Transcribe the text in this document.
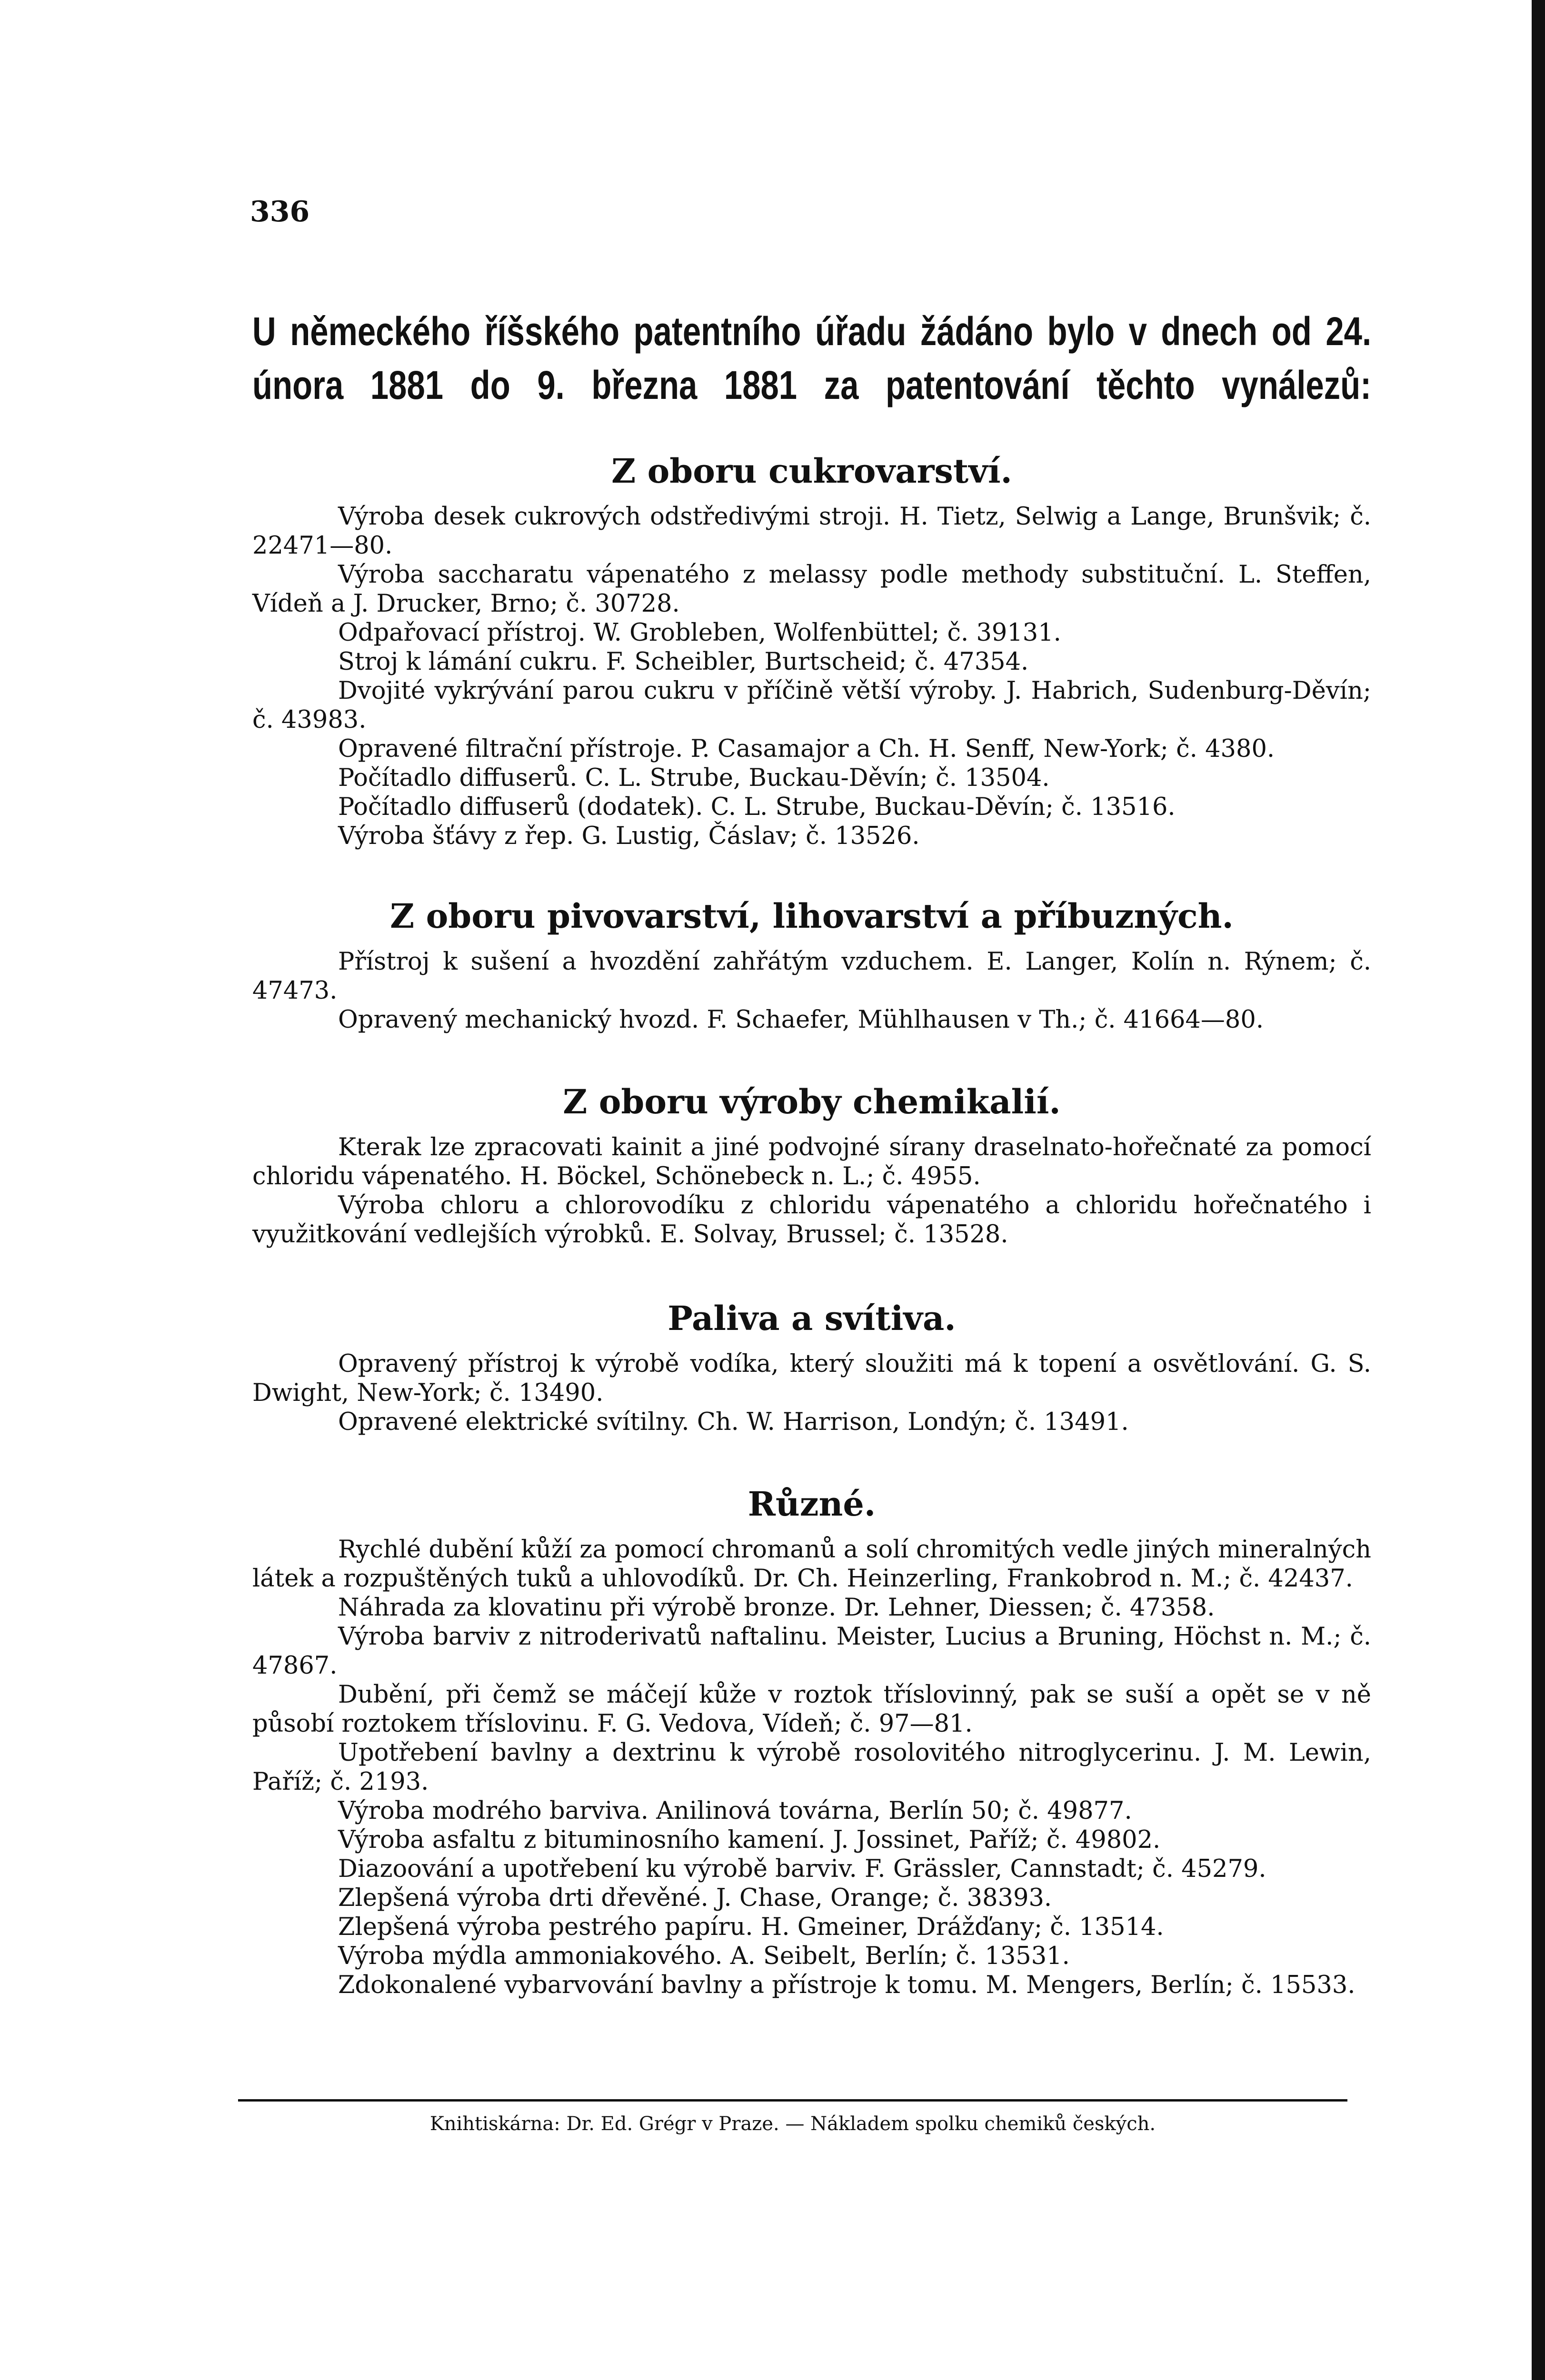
336
U německého říšského patentního úřadu žádáno bylo v dnech od 24. února 1881 do 9. března 1881 za patentování těchto vynálezů:
Z oboru cukrovarství.
Výroba desek cukrových odstředivými stroji. H. Tietz, Selwig a Lange, Brunšvik; č. 22471—80.
Výroba saccharatu vápenatého z melassy podle methody substituční. L. Steffen, Vídeň a J. Drucker, Brno; č. 30728.
Odpařovací přístroj. W. Grobleben, Wolfenbüttel; č. 39131.
Stroj k lámání cukru. F. Scheibler, Burtscheid; č. 47354.
Dvojité vykrývání parou cukru v příčině větší výroby. J. Habrich, Sudenburg-Děvín; č. 43983.
Opravené filtrační přístroje. P. Casamajor a Ch. H. Senff, New-York; č. 4380.
Počítadlo diffuserů. C. L. Strube, Buckau-Děvín; č. 13504.
Počítadlo diffuserů (dodatek). C. L. Strube, Buckau-Děvín; č. 13516.
Výroba šťávy z řep. G. Lustig, Čáslav; č. 13526.
Z oboru pivovarství, lihovarství a příbuzných.
Přístroj k sušení a hvozdění zahřátým vzduchem. E. Langer, Kolín n. Rýnem; č. 47473.
Opravený mechanický hvozd. F. Schaefer, Mühlhausen v Th.; č. 41664—80.
Z oboru výroby chemikalií.
Kterak lze zpracovati kainit a jiné podvojné sírany draselnato-hořečnaté za pomocí chloridu vápenatého. H. Böckel, Schönebeck n. L.; č. 4955.
Výroba chloru a chlorovodíku z chloridu vápenatého a chloridu hořečnatého i využitkování vedlejších výrobků. E. Solvay, Brussel; č. 13528.
Paliva a svítiva.
Opravený přístroj k výrobě vodíka, který sloužiti má k topení a osvětlování. G. S. Dwight, New-York; č. 13490.
Opravené elektrické svítilny. Ch. W. Harrison, Londýn; č. 13491.
Různé.
Rychlé dubění kůží za pomocí chromanů a solí chromitých vedle jiných mineralných látek a rozpuštěných tuků a uhlovodíků. Dr. Ch. Heinzerling, Frankobrod n. M.; č. 42437.
Náhrada za klovatinu při výrobě bronze. Dr. Lehner, Diessen; č. 47358.
Výroba barviv z nitroderivatů naftalinu. Meister, Lucius a Bruning, Höchst n. M.; č. 47867.
Dubění, při čemž se máčejí kůže v roztok tříslovinný, pak se suší a opět se v ně působí roztokem tříslovinu. F. G. Vedova, Vídeň; č. 97—81.
Upotřebení bavlny a dextrinu k výrobě rosolovitého nitroglycerinu. J. M. Lewin, Paříž; č. 2193.
Výroba modrého barviva. Anilinová továrna, Berlín 50; č. 49877.
Výroba asfaltu z bituminosního kamení. J. Jossinet, Paříž; č. 49802.
Diazoování a upotřebení ku výrobě barviv. F. Grässler, Cannstadt; č. 45279.
Zlepšená výroba drti dřevěné. J. Chase, Orange; č. 38393.
Zlepšená výroba pestrého papíru. H. Gmeiner, Drážďany; č. 13514.
Výroba mýdla ammoniakového. A. Seibelt, Berlín; č. 13531.
Zdokonalené vybarvování bavlny a přístroje k tomu. M. Mengers, Berlín; č. 15533.
Knihtiskárna: Dr. Ed. Grégr v Praze. — Nákladem spolku chemiků českých.
